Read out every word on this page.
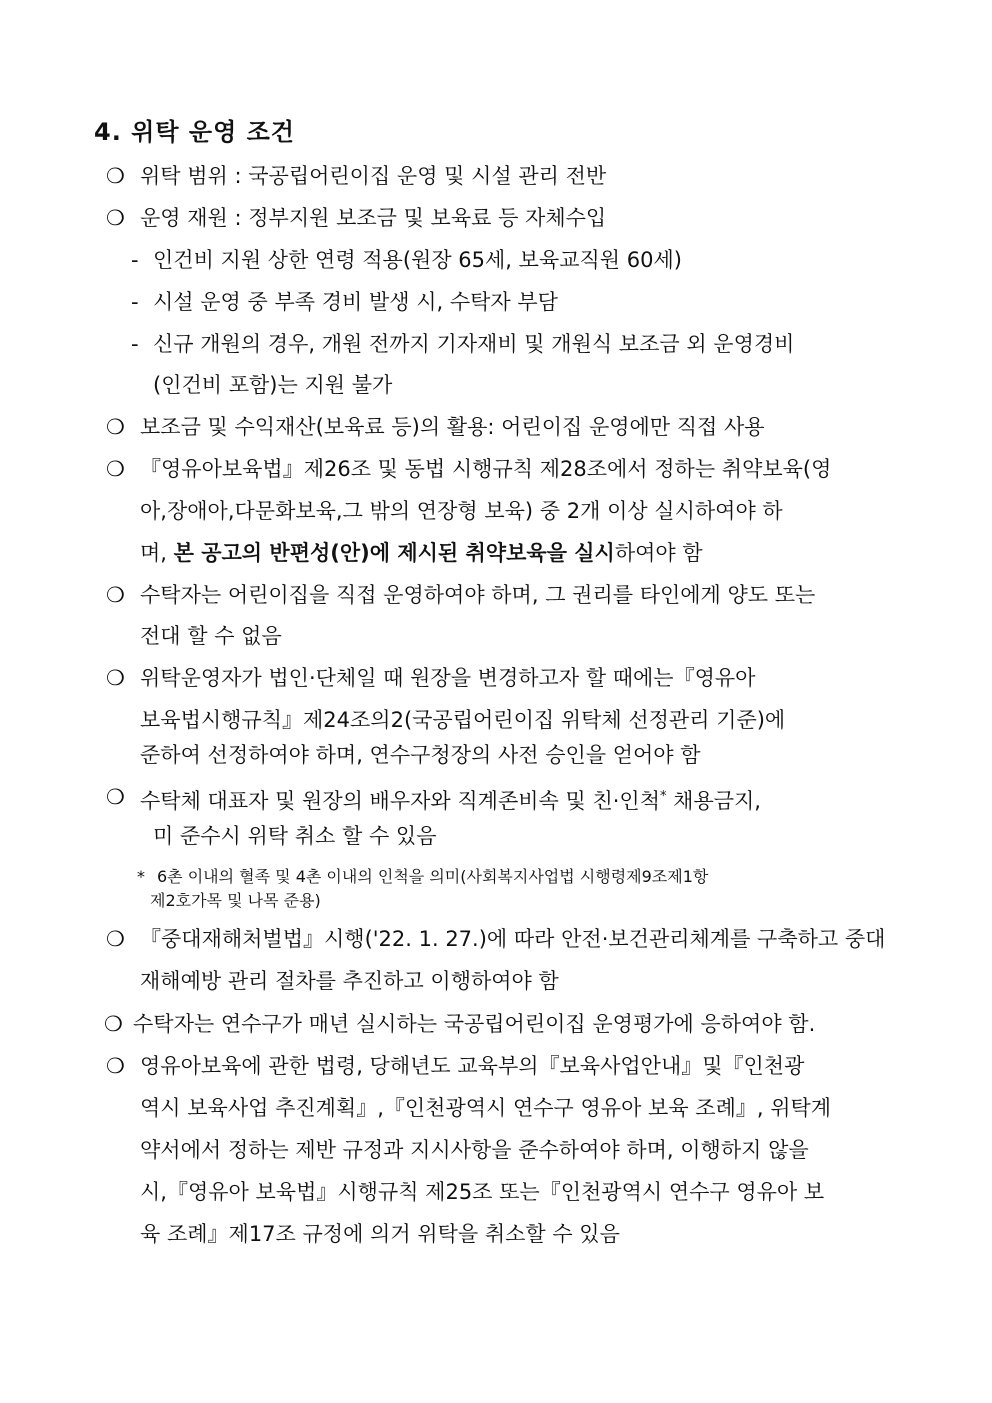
4. 위탁 운영 조건
❍ 위탁 범위 : 국공립어린이집 운영 및 시설 관리 전반
❍ 운영 재원 : 정부지원 보조금 및 보육료 등 자체수입
- 인건비 지원 상한 연령 적용(원장 65세, 보육교직원 60세)
- 시설 운영 중 부족 경비 발생 시, 수탁자 부담
- 신규 개원의 경우, 개원 전까지 기자재비 및 개원식 보조금 외 운영경비
(인건비 포함)는 지원 불가
❍ 보조금 및 수익재산(보육료 등)의 활용: 어린이집 운영에만 직접 사용
❍ 『영유아보육법』제26조 및 동법 시행규칙 제28조에서 정하는 취약보육(영
아,장애아,다문화보육,그 밖의 연장형 보육) 중 2개 이상 실시하여야 하
며, 본 공고의 반편성(안)에 제시된 취약보육을 실시하여야 함
❍ 수탁자는 어린이집을 직접 운영하여야 하며, 그 권리를 타인에게 양도 또는
전대 할 수 없음
❍ 위탁운영자가 법인·단체일 때 원장을 변경하고자 할 때에는『영유아
보육법시행규칙』제24조의2(국공립어린이집 위탁체 선정관리 기준)에
준하여 선정하여야 하며, 연수구청장의 사전 승인을 얻어야 함
❍ 수탁체 대표자 및 원장의 배우자와 직계존비속 및 친·인척* 채용금지,
미 준수시 위탁 취소 할 수 있음
* 6촌 이내의 혈족 및 4촌 이내의 인척을 의미(사회복지사업법 시행령제9조제1항
제2호가목 및 나목 준용)
❍ 『중대재해처벌법』시행('22. 1. 27.)에 따라 안전·보건관리체계를 구축하고 중대
재해예방 관리 절차를 추진하고 이행하여야 함
❍ 수탁자는 연수구가 매년 실시하는 국공립어린이집 운영평가에 응하여야 함.
❍ 영유아보육에 관한 법령, 당해년도 교육부의『보육사업안내』및『인천광
역시 보육사업 추진계획』,『인천광역시 연수구 영유아 보육 조례』, 위탁계
약서에서 정하는 제반 규정과 지시사항을 준수하여야 하며, 이행하지 않을
시,『영유아 보육법』시행규칙 제25조 또는『인천광역시 연수구 영유아 보
육 조례』제17조 규정에 의거 위탁을 취소할 수 있음
